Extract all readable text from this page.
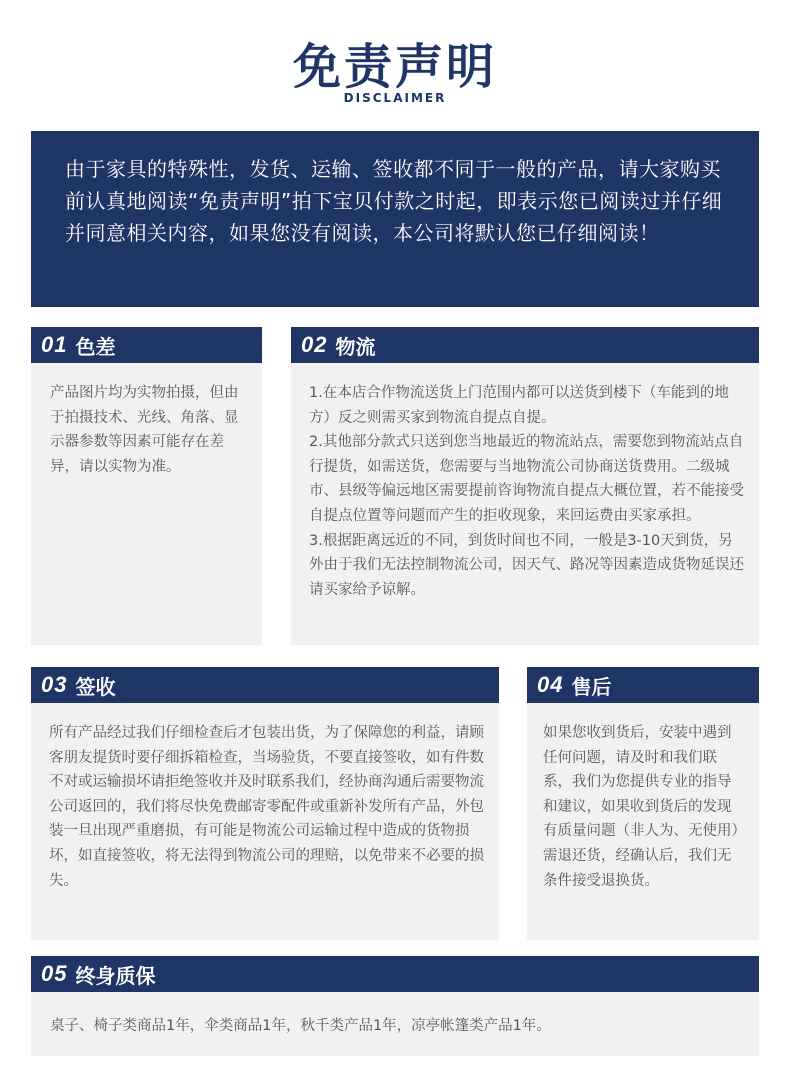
免责声明
DISCLAIMER
由于家具的特殊性，发货、运输、签收都不同于一般的产品，请大家购买前认真地阅读“免责声明”拍下宝贝付款之时起，即表示您已阅读过并仔细并同意相关内容，如果您没有阅读，本公司将默认您已仔细阅读！
01 色差
产品图片均为实物拍摄，但由于拍摄技术、光线、角落、显示器参数等因素可能存在差异，请以实物为准。
02 物流
1.在本店合作物流送货上门范围内都可以送货到楼下（车能到的地方）反之则需买家到物流自提点自提。
2.其他部分款式只送到您当地最近的物流站点，需要您到物流站点自行提货，如需送货，您需要与当地物流公司协商送货费用。二级城市、县级等偏远地区需要提前咨询物流自提点大概位置，若不能接受自提点位置等问题而产生的拒收现象，来回运费由买家承担。
3.根据距离远近的不同，到货时间也不同，一般是3-10天到货，另外由于我们无法控制物流公司，因天气、路况等因素造成货物延误还请买家给予谅解。
03 签收
所有产品经过我们仔细检查后才包装出货，为了保障您的利益，请顾客朋友提货时要仔细拆箱检查，当场验货，不要直接签收，如有件数不对或运输损坏请拒绝签收并及时联系我们，经协商沟通后需要物流公司返回的，我们将尽快免费邮寄零配件或重新补发所有产品，外包装一旦出现严重磨损，有可能是物流公司运输过程中造成的货物损坏，如直接签收，将无法得到物流公司的理赔，以免带来不必要的损失。
04 售后
如果您收到货后，安装中遇到任何问题，请及时和我们联系，我们为您提供专业的指导和建议，如果收到货后的发现有质量问题（非人为、无使用）需退还货，经确认后，我们无条件接受退换货。
05 终身质保
桌子、椅子类商品1年，伞类商品1年，秋千类产品1年，凉亭帐篷类产品1年。
